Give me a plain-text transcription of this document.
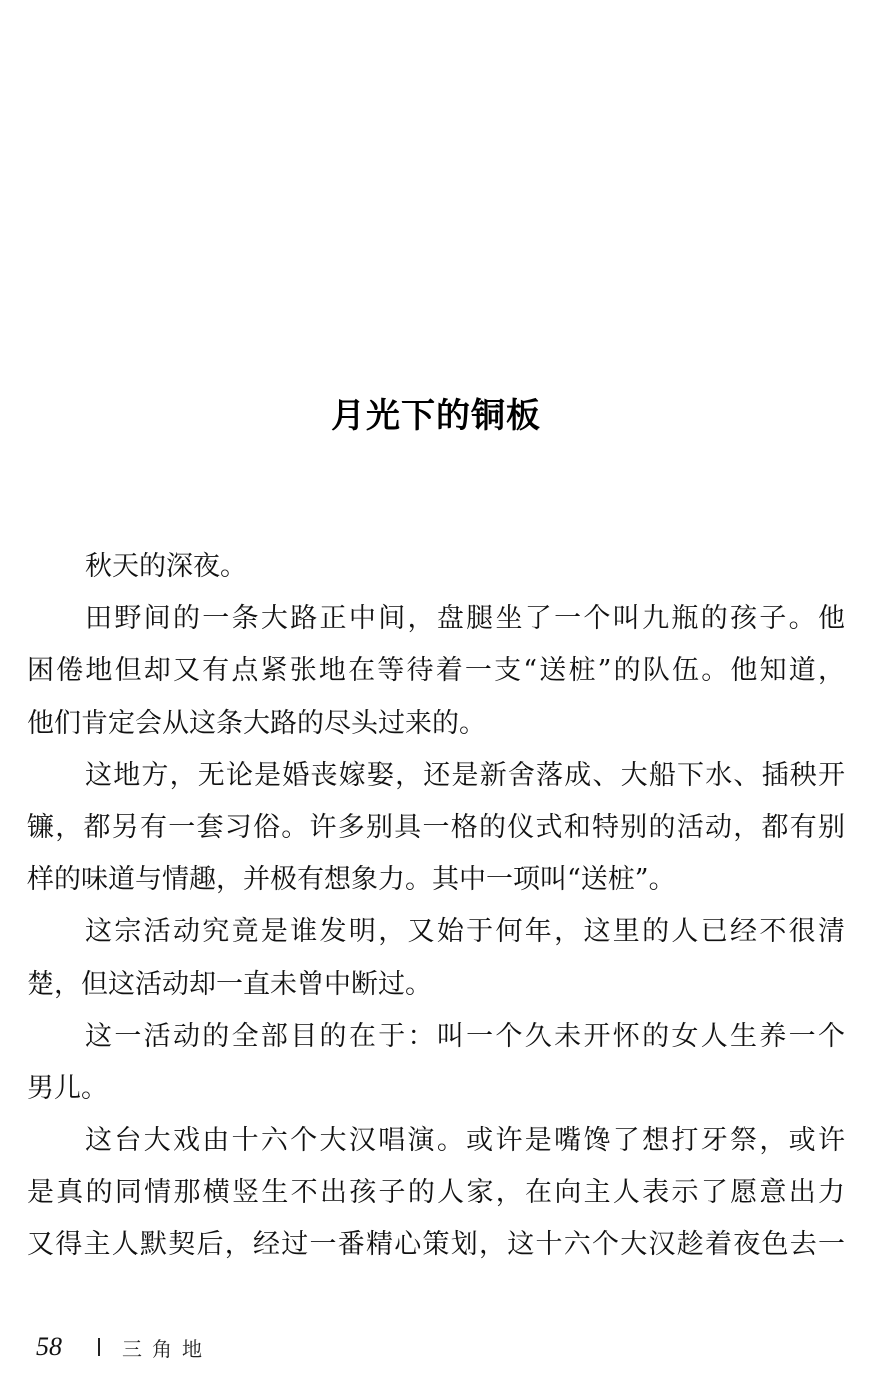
月光下的铜板
秋天的深夜。
田野间的一条大路正中间，盘腿坐了一个叫九瓶的孩子。他
困倦地但却又有点紧张地在等待着一支“送桩”的队伍。他知道，
他们肯定会从这条大路的尽头过来的。
这地方，无论是婚丧嫁娶，还是新舍落成、大船下水、插秧开
镰，都另有一套习俗。许多别具一格的仪式和特别的活动，都有别
样的味道与情趣，并极有想象力。其中一项叫“送桩”。
这宗活动究竟是谁发明，又始于何年，这里的人已经不很清
楚，但这活动却一直未曾中断过。
这一活动的全部目的在于：叫一个久未开怀的女人生养一个
男儿。
这台大戏由十六个大汉唱演。或许是嘴馋了想打牙祭，或许
是真的同情那横竖生不出孩子的人家，在向主人表示了愿意出力
又得主人默契后，经过一番精心策划，这十六个大汉趁着夜色去一
58	三角地
